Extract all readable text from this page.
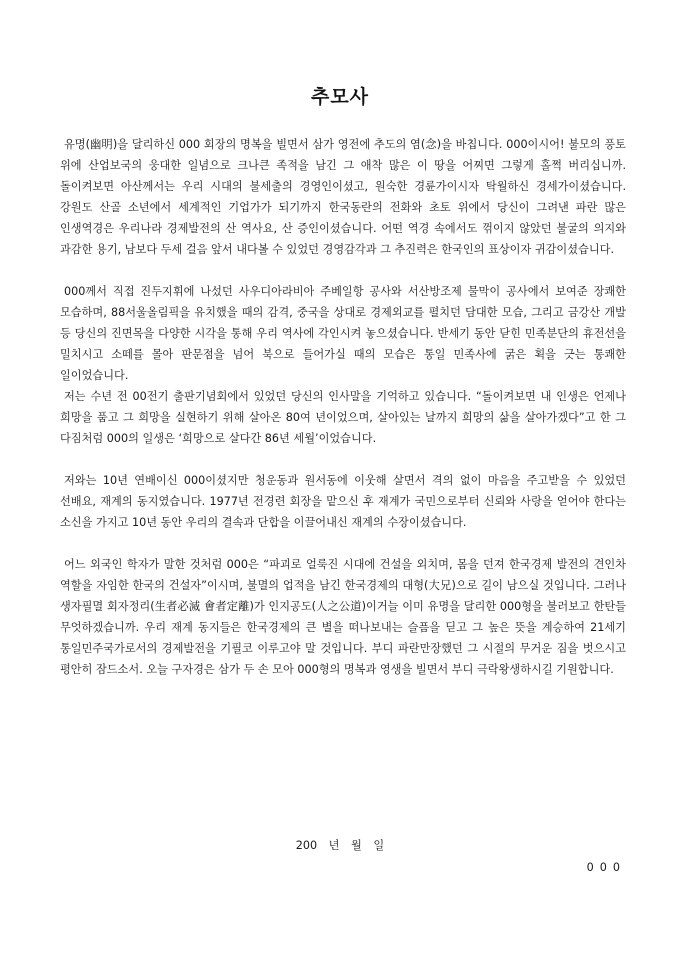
추모사

유명(幽明)을 달리하신 000 회장의 명복을 빌면서 삼가 영전에 추도의 염(念)을 바칩니다. 000이시어! 불모의 풍토 위에 산업보국의 웅대한 일념으로 크나큰 족적을 남긴 그 애착 많은 이 땅을 어찌면 그렇게 홀쩍 버리십니까. 돌이켜보면 아산께서는 우리 시대의 불세출의 경영인이셨고, 원숙한 경륜가이시자 탁월하신 경세가이셨습니다. 강원도 산골 소년에서 세계적인 기업가가 되기까지 한국동란의 전화와 초토 위에서 당신이 그려낸 파란 많은 인생역경은 우리나라 경제발전의 산 역사요, 산 증인이셨습니다. 어떤 역경 속에서도 꺾이지 않았던 불굴의 의지와 과감한 용기, 남보다 두세 걸음 앞서 내다볼 수 있었던 경영감각과 그 추진력은 한국인의 표상이자 귀감이셨습니다.

000께서 직접 진두지휘에 나섰던 사우디아라비아 주베일항 공사와 서산방조제 물막이 공사에서 보여준 장쾌한 모습하며, 88서울올림픽을 유치했을 때의 감격, 중국을 상대로 경제외교를 펼치던 담대한 모습, 그리고 금강산 개발 등 당신의 진면목을 다양한 시각을 통해 우리 역사에 각인시켜 놓으셨습니다. 반세기 동안 닫힌 민족분단의 휴전선을 밀치시고 소떼를 몰아 판문점을 넘어 북으로 들어가실 때의 모습은 통일 민족사에 굵은 획을 긋는 통쾌한 일이었습니다.

저는 수년 전 00전기 출판기념회에서 있었던 당신의 인사말을 기억하고 있습니다. “돌이켜보면 내 인생은 언제나 희망을 품고 그 희망을 실현하기 위해 살아온 80여 년이었으며, 살아있는 날까지 희망의 삶을 살아가겠다”고 한 그 다짐처럼 000의 일생은 ‘희망으로 살다간 86년 세월’이었습니다.

저와는 10년 연배이신 000이셨지만 청운동과 원서동에 이웃해 살면서 격의 없이 마음을 주고받을 수 있었던 선배요, 재계의 동지였습니다. 1977년 전경련 회장을 맡으신 후 재계가 국민으로부터 신뢰와 사랑을 얻어야 한다는 소신을 가지고 10년 동안 우리의 결속과 단합을 이끌어내신 재계의 수장이셨습니다.

어느 외국인 학자가 말한 것처럼 000은 “파괴로 얼룩진 시대에 건설을 외치며, 몸을 던져 한국경제 발전의 견인차 역할을 자임한 한국의 건설자”이시며, 불멸의 업적을 남긴 한국경제의 대형(大兄)으로 길이 남으실 것입니다. 그러나 생자필멸 회자정리(生者必滅 會者定離)가 인지공도(人之公道)이거늘 이미 유명을 달리한 000형을 불러보고 한탄들 무엇하겠습니까. 우리 재계 동지들은 한국경제의 큰 별을 떠나보내는 슬픔을 딛고 그 높은 뜻을 계승하여 21세기 통일민주국가로서의 경제발전을 기필코 이루고야 말 것입니다. 부디 파란만장했던 그 시절의 무거운 짐을 벗으시고 평안히 잠드소서. 오늘 구자경은 삼가 두 손 모아 000형의 명복과 영생을 빌면서 부디 극락왕생하시길 기원합니다.

200 년 월 일
000
